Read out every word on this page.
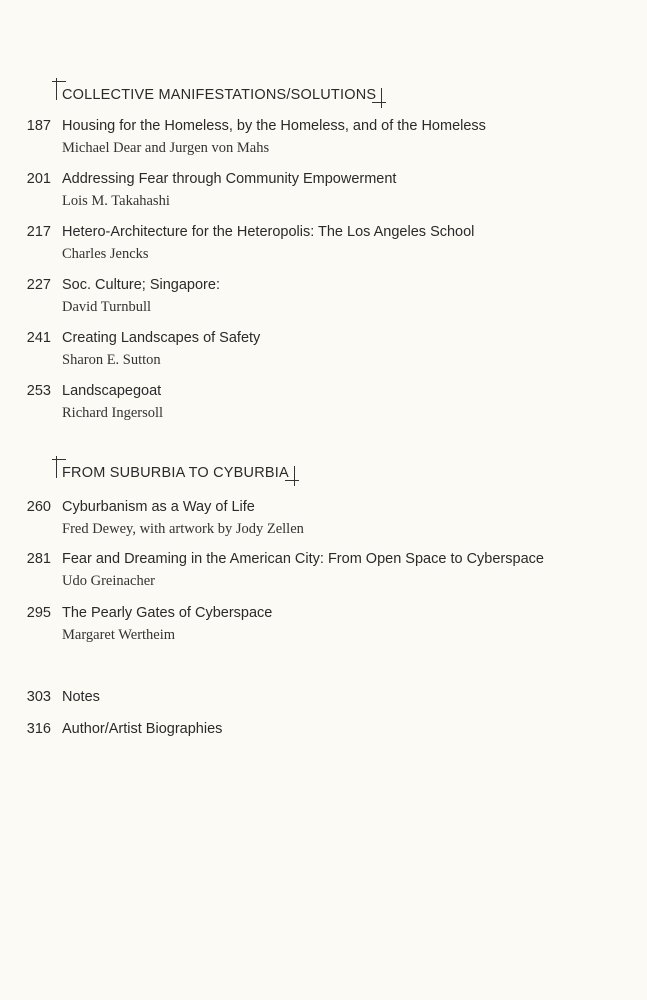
COLLECTIVE MANIFESTATIONS/SOLUTIONS
187 Housing for the Homeless, by the Homeless, and of the Homeless
Michael Dear and Jurgen von Mahs
201 Addressing Fear through Community Empowerment
Lois M. Takahashi
217 Hetero-Architecture for the Heteropolis: The Los Angeles School
Charles Jencks
227 Soc. Culture; Singapore:
David Turnbull
241 Creating Landscapes of Safety
Sharon E. Sutton
253 Landscapegoat
Richard Ingersoll
FROM SUBURBIA TO CYBURBIA
260 Cyburbanism as a Way of Life
Fred Dewey, with artwork by Jody Zellen
281 Fear and Dreaming in the American City: From Open Space to Cyberspace
Udo Greinacher
295 The Pearly Gates of Cyberspace
Margaret Wertheim
303 Notes
316 Author/Artist Biographies
